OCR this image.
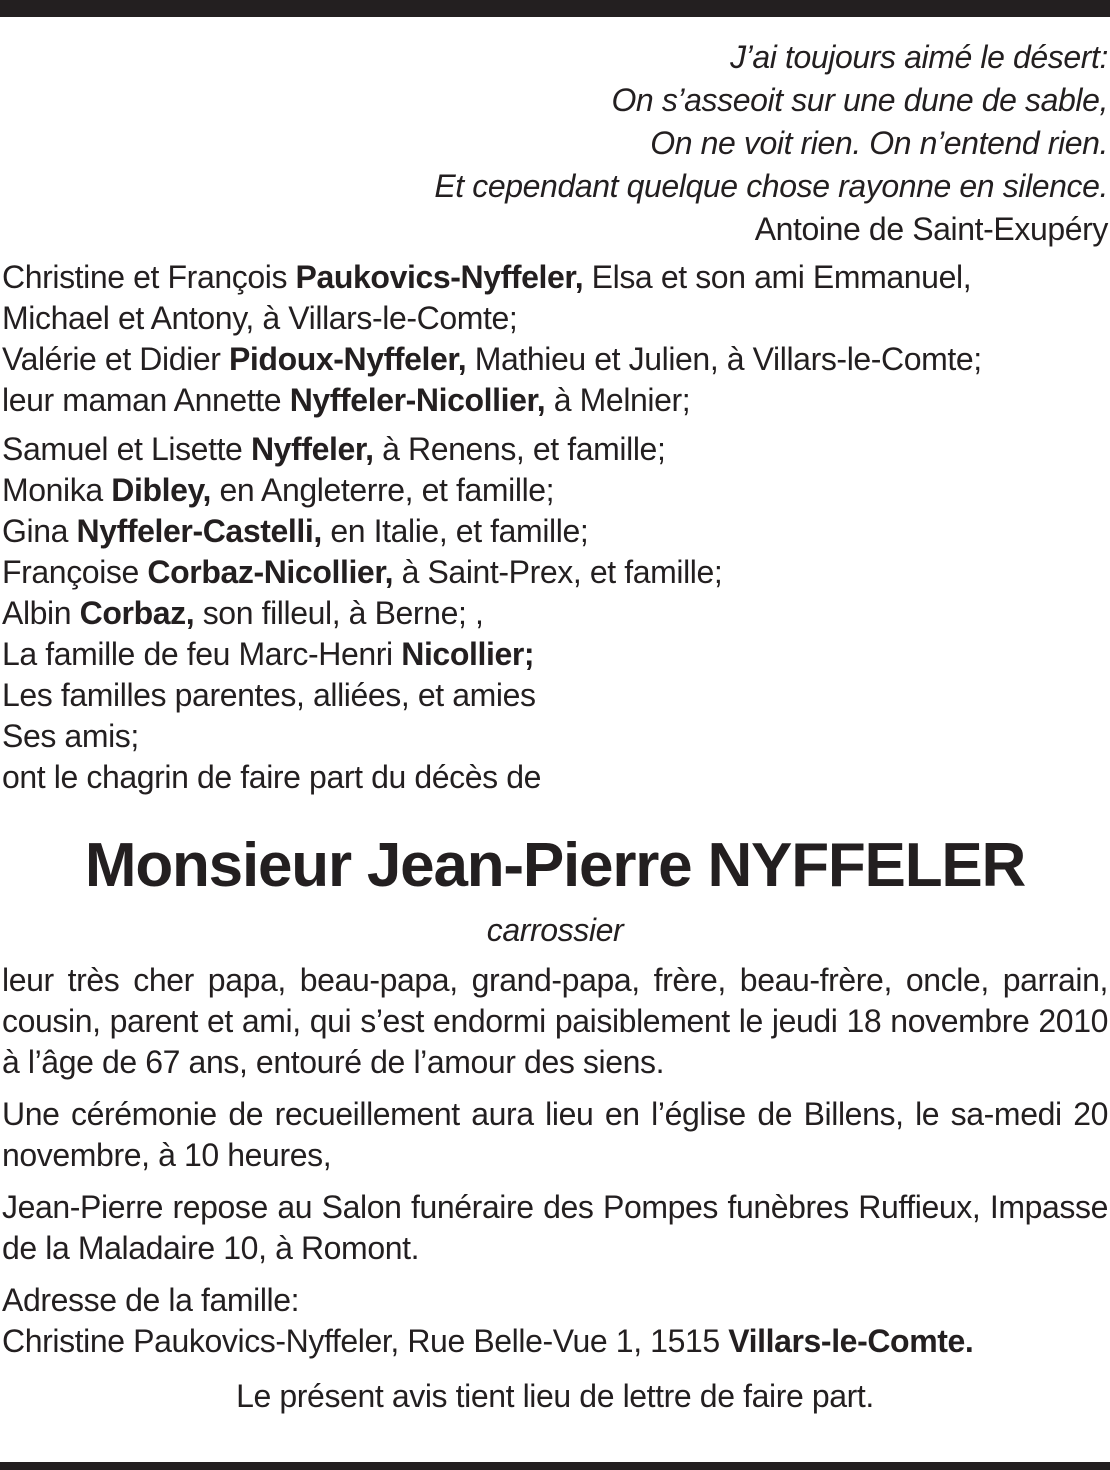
J’ai toujours aimé le désert:
On s’asseoit sur une dune de sable,
On ne voit rien. On n’entend rien.
Et cependant quelque chose rayonne en silence.
Antoine de Saint-Exupéry
Christine et François Paukovics-Nyffeler, Elsa et son ami Emmanuel,
Michael et Antony, à Villars-le-Comte;
Valérie et Didier Pidoux-Nyffeler, Mathieu et Julien, à Villars-le-Comte;
leur maman Annette Nyffeler-Nicollier, à Melnier;
Samuel et Lisette Nyffeler, à Renens, et famille;
Monika Dibley, en Angleterre, et famille;
Gina Nyffeler-Castelli, en Italie, et famille;
Françoise Corbaz-Nicollier, à Saint-Prex, et famille;
Albin Corbaz, son filleul, à Berne; ,
La famille de feu Marc-Henri Nicollier;
Les familles parentes, alliées, et amies
Ses amis;
ont le chagrin de faire part du décès de
Monsieur Jean-Pierre NYFFELER
carrossier

leur très cher papa, beau-papa, grand-papa, frère, beau-frère, oncle, parrain, cousin, parent et ami, qui s’est endormi paisiblement le jeudi 18 novembre 2010 à l’âge de 67 ans, entouré de l’amour des siens.

Une cérémonie de recueillement aura lieu en l’église de Billens, le sa-medi 20 novembre, à 10 heures,

Jean-Pierre repose au Salon funéraire des Pompes funèbres Ruffieux, Impasse de la Maladaire 10, à Romont.

Adresse de la famille:
Christine Paukovics-Nyffeler, Rue Belle-Vue 1, 1515 Villars-le-Comte.
Le présent avis tient lieu de lettre de faire part.
